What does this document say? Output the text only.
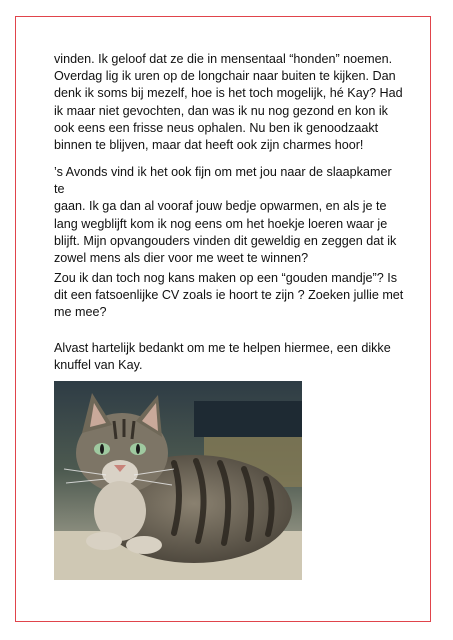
vinden. Ik geloof dat ze die in mensentaal “honden” noemen.
Overdag lig ik uren op de longchair naar buiten te kijken. Dan
denk ik soms bij mezelf, hoe is het toch mogelijk, hé Kay? Had
ik maar niet gevochten, dan was ik nu nog gezond en kon ik
ook eens een frisse neus ophalen. Nu ben ik genoodzaakt
binnen te blijven, maar dat heeft ook zijn charmes hoor!

’s Avonds vind ik het ook fijn om met jou naar de slaapkamer te
gaan. Ik ga dan al vooraf jouw bedje opwarmen, en als je te
lang wegblijft kom ik nog eens om het hoekje loeren waar je
blijft. Mijn opvangouders vinden dit geweldig en zeggen dat ik
zowel mens als dier voor me weet te winnen?

Zou ik dan toch nog kans maken op een “gouden mandje”? Is
dit een fatsoenlijke CV zoals ie hoort te zijn ? Zoeken jullie met
me mee?

Alvast hartelijk bedankt om me te helpen hiermee, een dikke
knuffel van Kay.
